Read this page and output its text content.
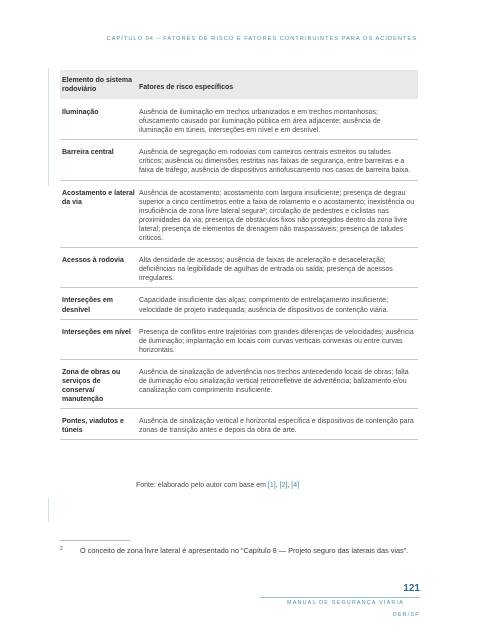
CAPÍTULO 04 – FATORES DE RISCO E FATORES CONTRIBUINTES PARA OS ACIDENTES
Elemento do sistema rodoviário	Fatores de risco específicos
Iluminação	Ausência de iluminação em trechos urbanizados e em trechos montanhosos; ofuscamento causado por iluminação pública em área adjacente; ausência de iluminação em túneis, interseções em nível e em desnível.
Barreira central	Ausência de segregação em rodovias com canteiros centrais estreitos ou taludes críticos; ausência ou dimensões restritas nas faixas de segurança, entre barreiras e a faixa de tráfego; ausência de dispositivos antiofuscamento nos casos de barreira baixa.
Acostamento e lateral da via	Ausência de acostamento; acostamento com largura insuficiente; presença de degrau superior a cinco centímetros entre a faixa de rolamento e o acostamento; inexistência ou insuficiência de zona livre lateral segura²; circulação de pedestres e ciclistas nas proximidades da via; presença de obstáculos fixos não protegidos dentro da zona livre lateral; presença de elementos de drenagem não traspassáveis; presença de taludes críticos.
Acessos à rodovia	Alta densidade de acessos; ausência de faixas de aceleração e desaceleração; deficiências na legibilidade de agulhas de entrada ou saída; presença de acessos irregulares.
Interseções em desnível	Capacidade insuficiente das alças; comprimento de entrelaçamento insuficiente; velocidade de projeto inadequada; ausência de dispositivos de contenção viária.
Interseções em nível	Presença de conflitos entre trajetórias com grandes diferenças de velocidades; ausência de iluminação; implantação em locais com curvas verticais convexas ou entre curvas horizontais.
Zona de obras ou serviços de conserva/ manutenção	Ausência de sinalização de advertência nos trechos antecedendo locais de obras; falta de iluminação e/ou sinalização vertical retrorrefletive de advertência; balizamento e/ou canalização com comprimento insuficiente.
Pontes, viadutos e túneis	Ausência de sinalização vertical e horizontal específica e dispositivos de contenção para zonas de transição antes e depois da obra de arte.
Fonte: elaborado pelo autor com base em [1], [2], [4]
2	O conceito de zona livre lateral é apresentado no “Capítulo 8 — Projeto seguro das laterais das vias”.
121
MANUAL DE SEGURANÇA VIÁRIA
DER/SP
